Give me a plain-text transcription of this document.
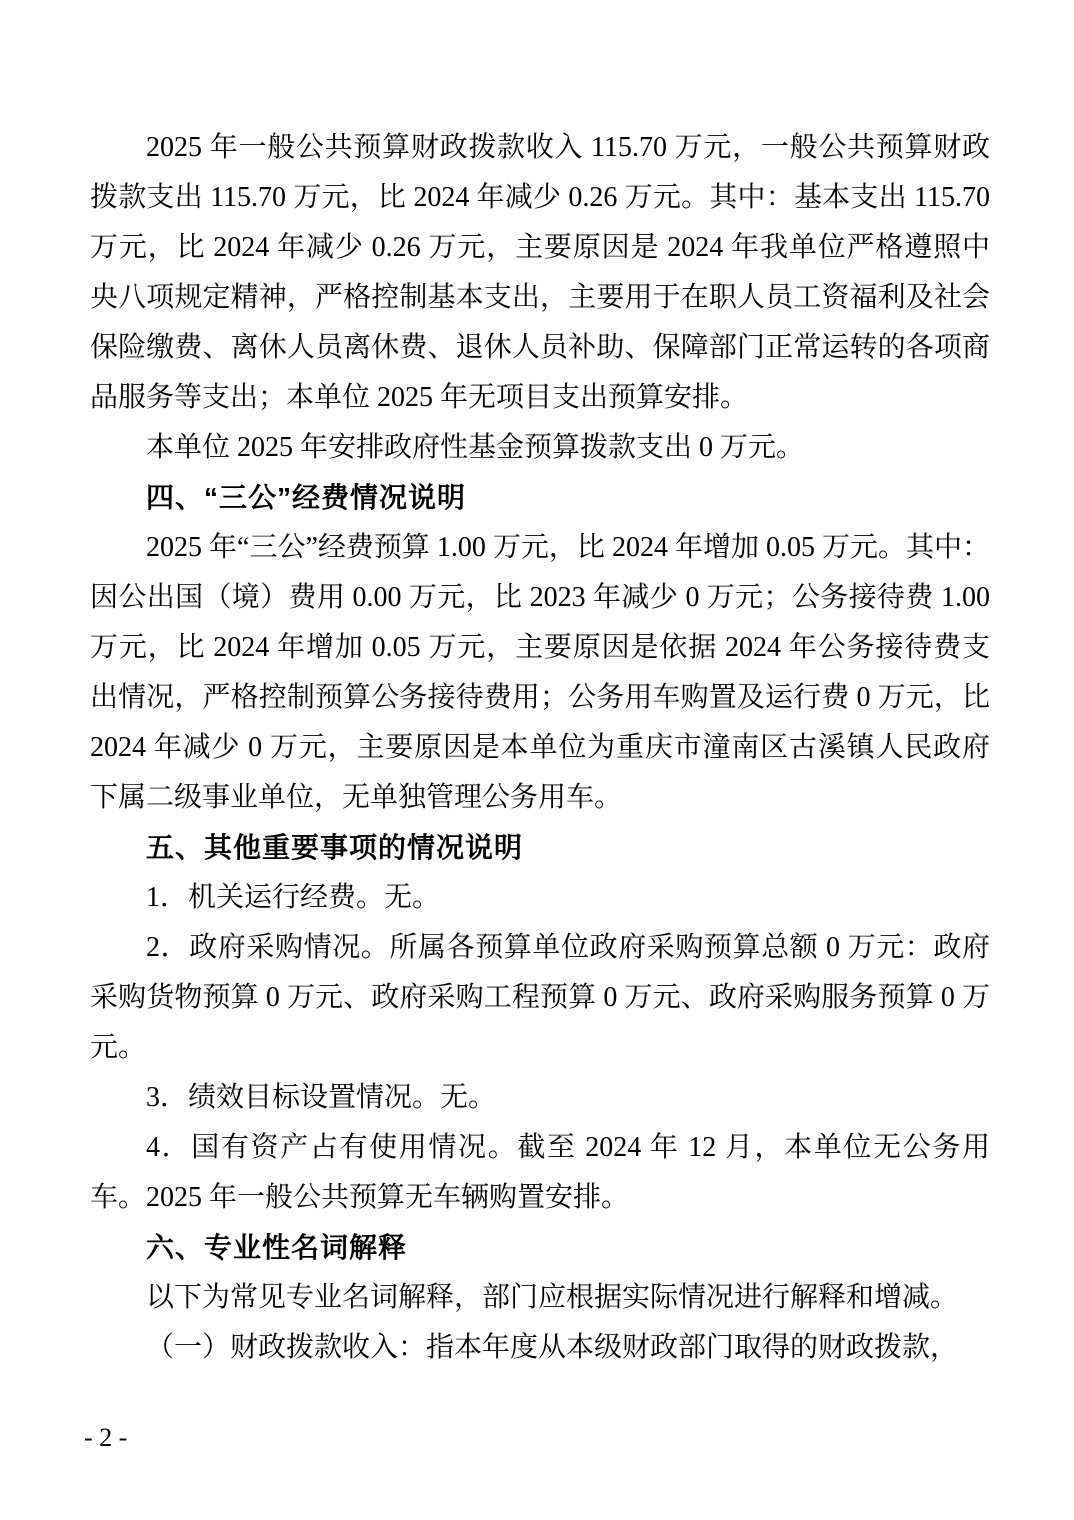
2025 年一般公共预算财政拨款收入 115.70 万元，一般公共预算财政拨款支出 115.70 万元，比 2024 年减少 0.26 万元。其中：基本支出 115.70 万元，比 2024 年减少 0.26 万元，主要原因是 2024 年我单位严格遵照中央八项规定精神，严格控制基本支出，主要用于在职人员工资福利及社会保险缴费、离休人员离休费、退休人员补助、保障部门正常运转的各项商品服务等支出；本单位 2025 年无项目支出预算安排。

本单位 2025 年安排政府性基金预算拨款支出 0 万元。

四、“三公”经费情况说明

2025 年“三公”经费预算 1.00 万元，比 2024 年增加 0.05 万元。其中：因公出国（境）费用 0.00 万元，比 2023 年减少 0 万元；公务接待费 1.00 万元，比 2024 年增加 0.05 万元，主要原因是依据 2024 年公务接待费支出情况，严格控制预算公务接待费用；公务用车购置及运行费 0 万元，比 2024 年减少 0 万元，主要原因是本单位为重庆市潼南区古溪镇人民政府下属二级事业单位，无单独管理公务用车。

五、其他重要事项的情况说明

1．机关运行经费。无。

2．政府采购情况。所属各预算单位政府采购预算总额 0 万元：政府采购货物预算 0 万元、政府采购工程预算 0 万元、政府采购服务预算 0 万元。

3．绩效目标设置情况。无。

4．国有资产占有使用情况。截至 2024 年 12 月，本单位无公务用车。2025 年一般公共预算无车辆购置安排。

六、专业性名词解释

以下为常见专业名词解释，部门应根据实际情况进行解释和增减。

（一）财政拨款收入：指本年度从本级财政部门取得的财政拨款，

- 2 -
